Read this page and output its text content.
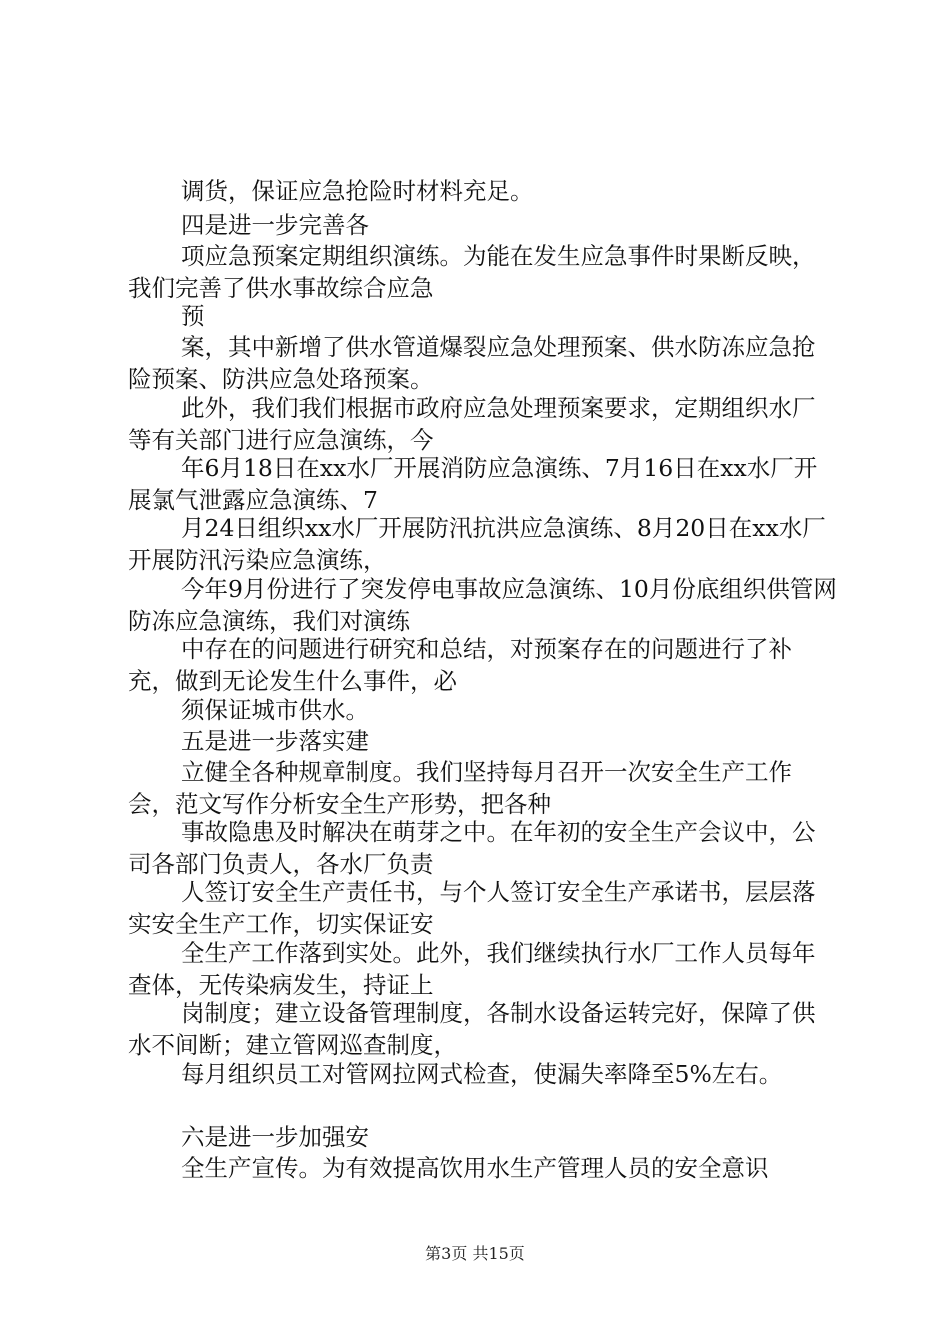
调货，保证应急抢险时材料充足。

四是进一步完善各

项应急预案定期组织演练。为能在发生应急事件时果断反映，我们完善了供水事故综合应急

预

案，其中新增了供水管道爆裂应急处理预案、供水防冻应急抢险预案、防洪应急处珞预案。

此外，我们我们根据市政府应急处理预案要求，定期组织水厂等有关部门进行应急演练，今

年6月18日在xx水厂开展消防应急演练、7月16日在xx水厂开展氯气泄露应急演练、7

月24日组织xx水厂开展防汛抗洪应急演练、8月20日在xx水厂开展防汛污染应急演练，

今年9月份进行了突发停电事故应急演练、10月份底组织供管网防冻应急演练，我们对演练

中存在的问题进行研究和总结，对预案存在的问题进行了补充，做到无论发生什么事件，必

须保证城市供水。

五是进一步落实建

立健全各种规章制度。我们坚持每月召开一次安全生产工作会，范文写作分析安全生产形势，把各种

事故隐患及时解决在萌芽之中。在年初的安全生产会议中，公司各部门负责人，各水厂负责

人签订安全生产责任书，与个人签订安全生产承诺书，层层落实安全生产工作，切实保证安

全生产工作落到实处。此外，我们继续执行水厂工作人员每年查体，无传染病发生，持证上

岗制度；建立设备管理制度，各制水设备运转完好，保障了供水不间断；建立管网巡查制度，

每月组织员工对管网拉网式检查，使漏失率降至5%左右。

六是进一步加强安

全生产宣传。为有效提高饮用水生产管理人员的安全意识

第3页 共15页
